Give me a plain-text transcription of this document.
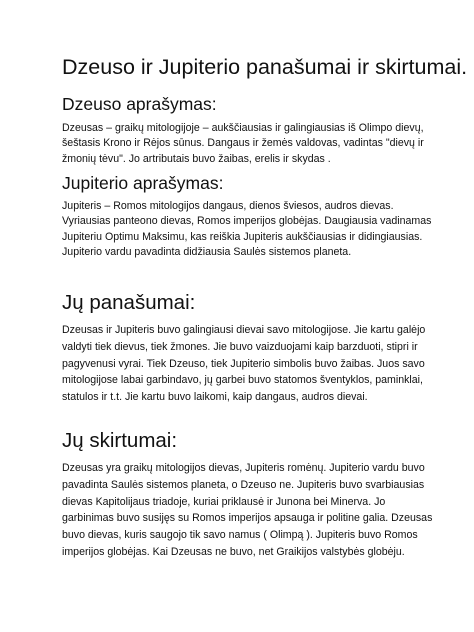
Dzeuso ir Jupiterio panašumai ir skirtumai.
Dzeuso aprašymas:

Dzeusas – graikų mitologijoje – aukščiausias ir galingiausias iš Olimpo dievų,
šeštasis Krono ir Rėjos sūnus. Dangaus ir žemės valdovas, vadintas "dievų ir
žmonių tėvu". Jo artributais buvo žaibas, erelis ir skydas .

Jupiterio aprašymas:

Jupiteris – Romos mitologijos dangaus, dienos šviesos, audros dievas.
Vyriausias panteono dievas, Romos imperijos globėjas. Daugiausia vadinamas
Jupiteriu Optimu Maksimu, kas reiškia Jupiteris aukščiausias ir didingiausias.
Jupiterio vardu pavadinta didžiausia Saulės sistemos planeta.

Jų panašumai:

Dzeusas ir Jupiteris buvo galingiausi dievai savo mitologijose. Jie kartu galėjo
valdyti tiek dievus, tiek žmones. Jie buvo vaizduojami kaip barzduoti, stipri ir
pagyvenusi vyrai. Tiek Dzeuso, tiek Jupiterio simbolis buvo žaibas. Juos savo
mitologijose labai garbindavo, jų garbei buvo statomos šventyklos, paminklai,
statulos ir t.t. Jie kartu buvo laikomi, kaip dangaus, audros dievai.

Jų skirtumai:

Dzeusas yra graikų mitologijos dievas, Jupiteris romėnų. Jupiterio vardu buvo
pavadinta Saulės sistemos planeta, o Dzeuso ne. Jupiteris buvo svarbiausias
dievas Kapitolijaus triadoje, kuriai priklausė ir Junona bei Minerva. Jo
garbinimas buvo susijęs su Romos imperijos apsauga ir politine galia. Dzeusas
buvo dievas, kuris saugojo tik savo namus ( Olimpą ). Jupiteris buvo Romos
imperijos globėjas. Kai Dzeusas ne buvo, net Graikijos valstybės globėju.
